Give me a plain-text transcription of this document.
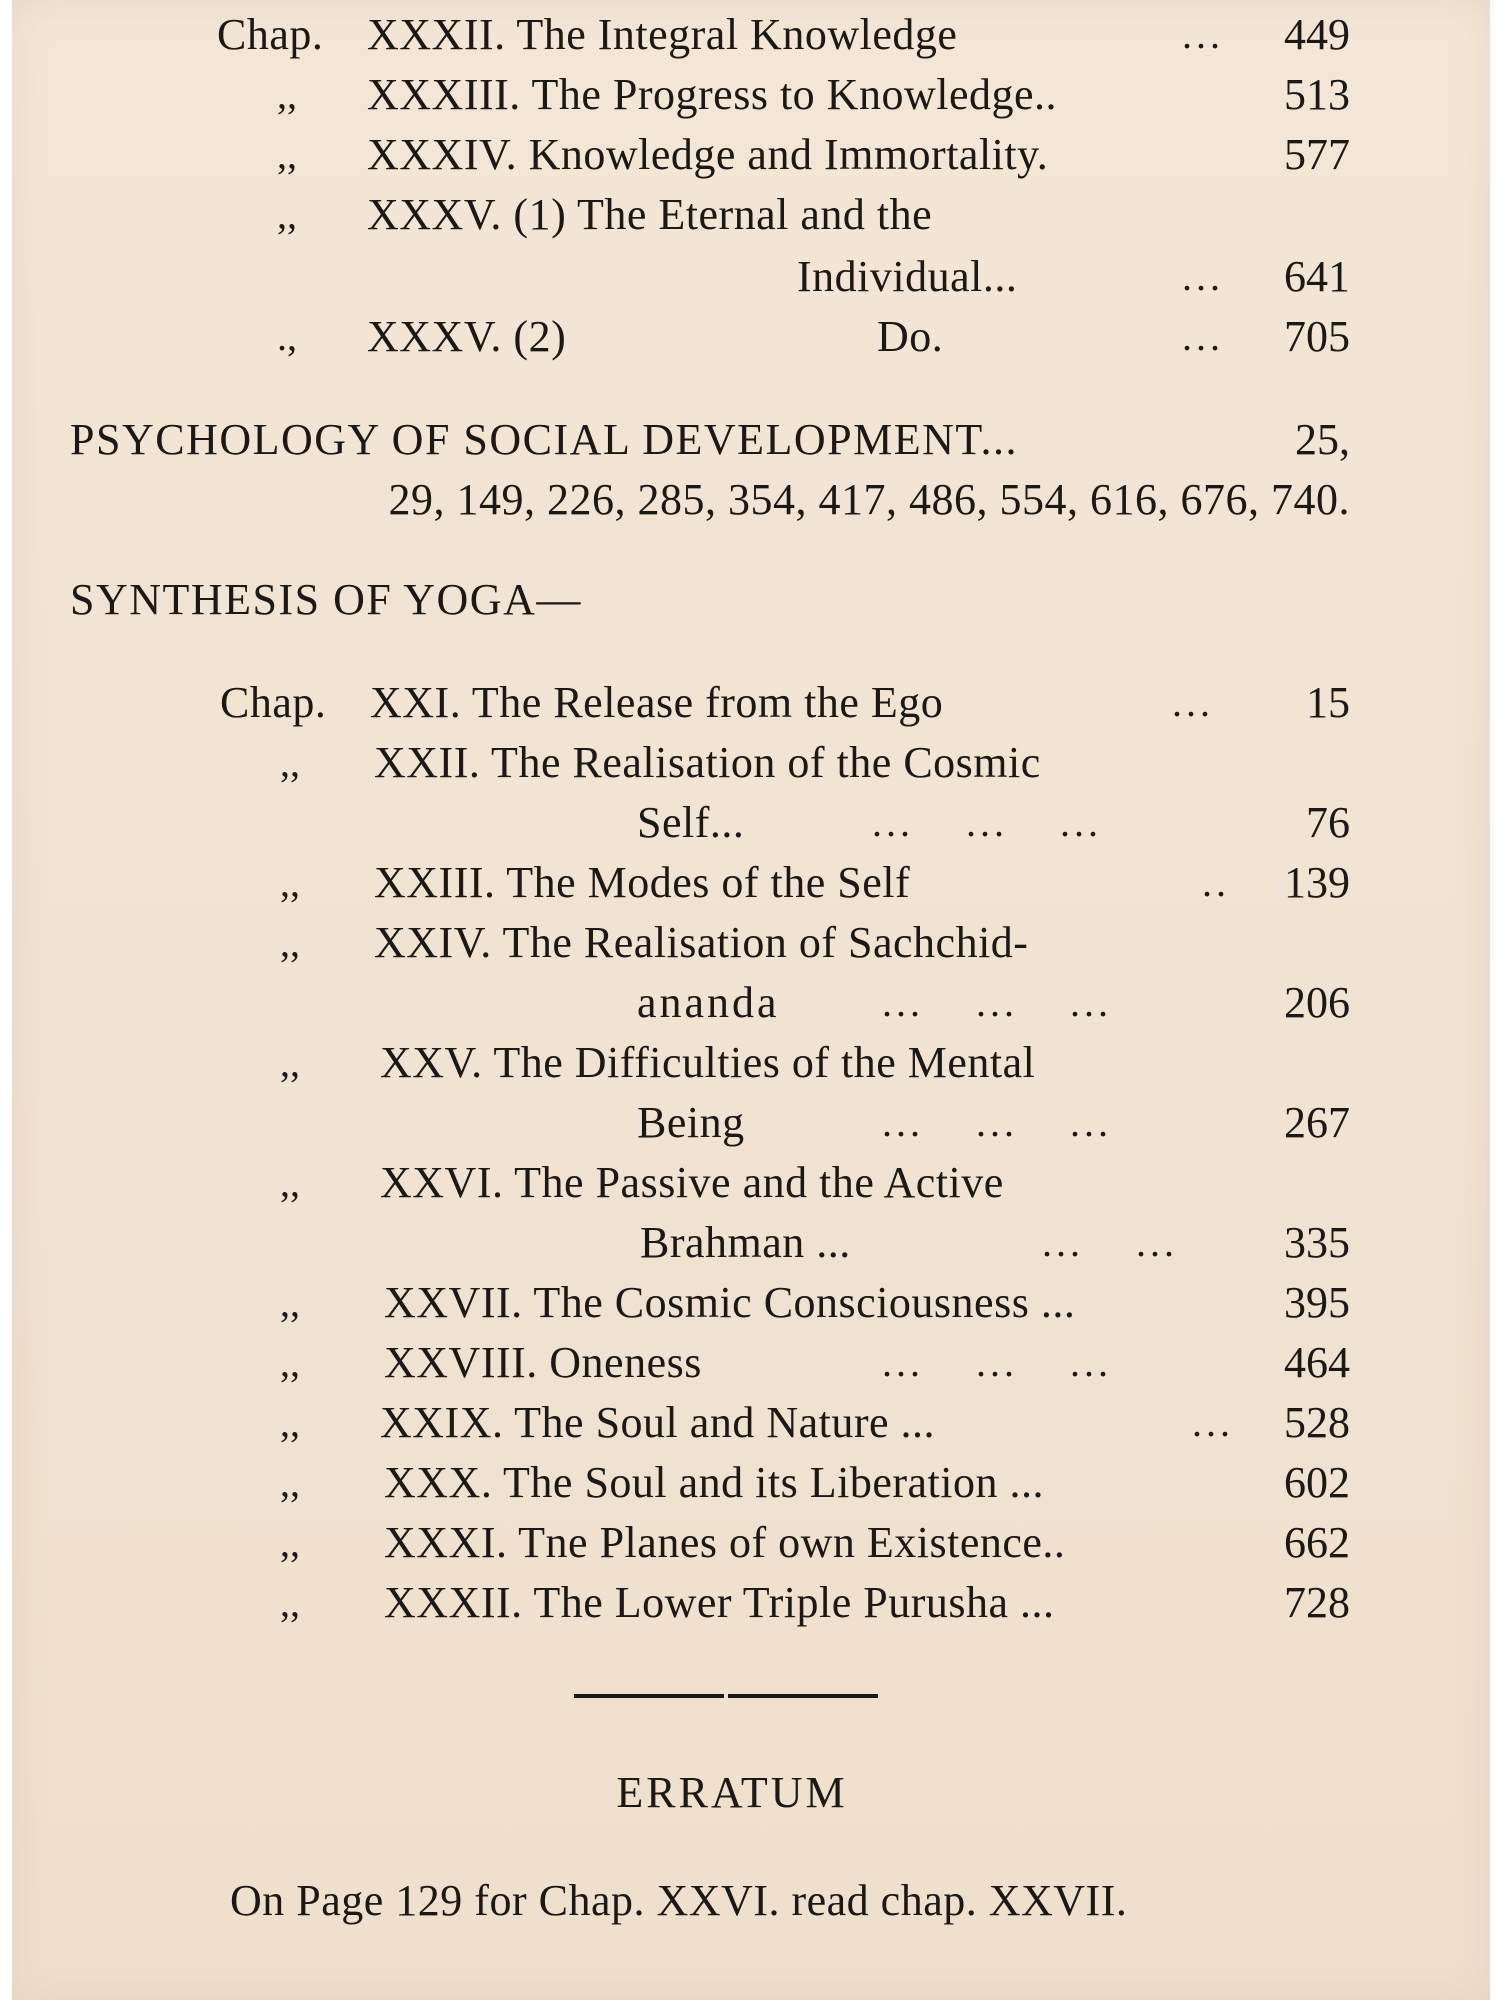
Chap. XXXII. The Integral Knowledge	... 449
,, XXXIII. The Progress to Knowledge..	513
,, XXXIV. Knowledge and Immortality.	577
,, XXXV. (1) The Eternal and the
Individual...	... 641
., XXXV. (2)	Do.	... 705
PSYCHOLOGY OF SOCIAL DEVELOPMENT...	25,
29, 149, 226, 285, 354, 417, 486, 554, 616, 676, 740.
SYNTHESIS OF YOGA—
Chap. XXI. The Release from the Ego	... 15
,, XXII. The Realisation of the Cosmic
Self...	... ... ...	76
,, XXIII. The Modes of the Self	.. 139
,, XXIV. The Realisation of Sachchid-
ananda	... ... ...	206
,, XXV. The Difficulties of the Mental
Being	... ... ...	267
,, XXVI. The Passive and the Active
Brahman ...	... ... 335
,, XXVII. The Cosmic Consciousness ...	395
,, XXVIII. Oneness	... ... ...	464
,, XXIX. The Soul and Nature ...	... 528
,, XXX. The Soul and its Liberation ...	602
,, XXXI. Tne Planes of own Existence..	662
,, XXXII. The Lower Triple Purusha ...	728
ERRATUM
On Page 129 for Chap. XXVI. read chap. XXVII.
